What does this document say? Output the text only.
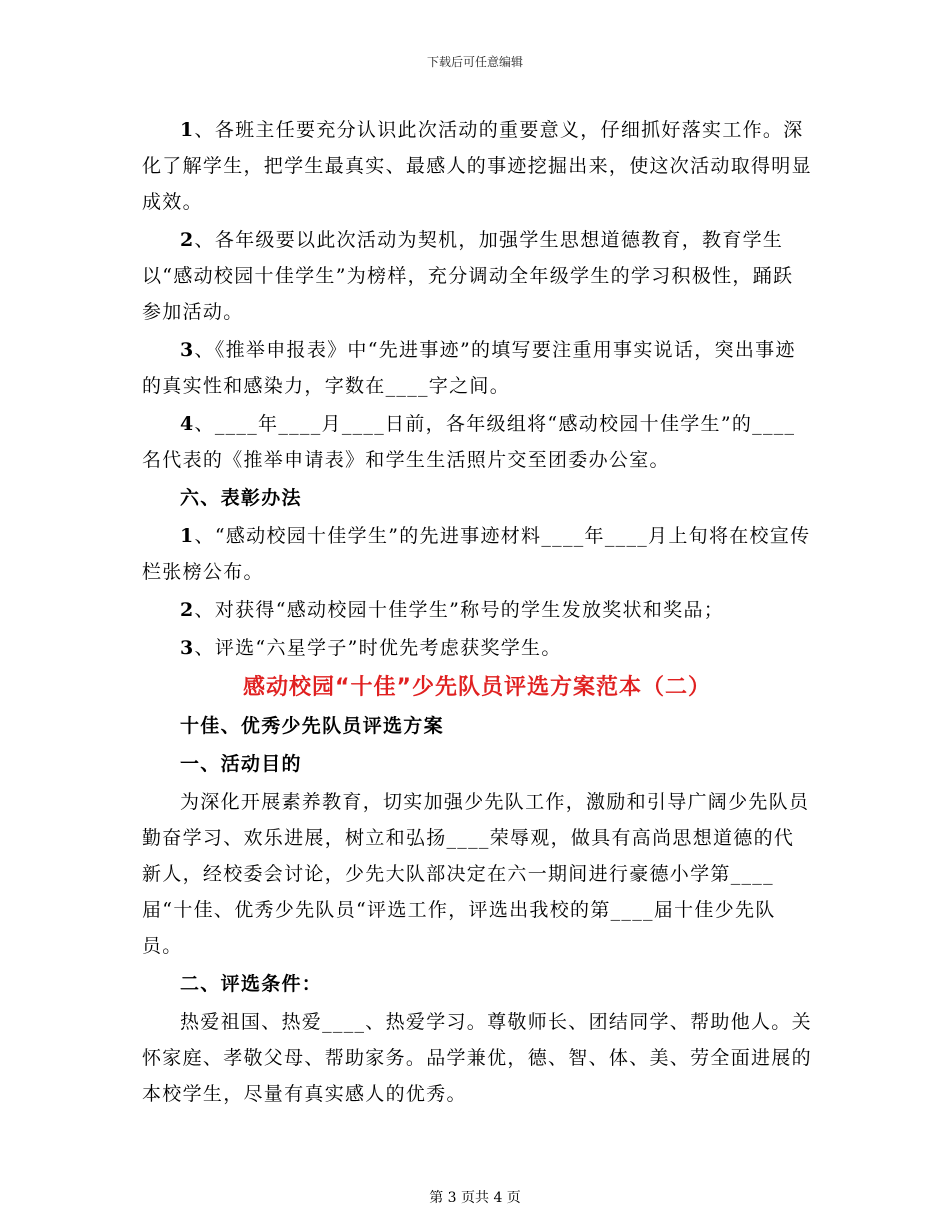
下载后可任意编辑

1、各班主任要充分认识此次活动的重要意义，仔细抓好落实工作。深化了解学生，把学生最真实、最感人的事迹挖掘出来，使这次活动取得明显成效。

2、各年级要以此次活动为契机，加强学生思想道德教育，教育学生以“感动校园十佳学生”为榜样，充分调动全年级学生的学习积极性，踊跃参加活动。

3、《推举申报表》中“先进事迹”的填写要注重用事实说话，突出事迹的真实性和感染力，字数在____字之间。

4、____年____月____日前，各年级组将“感动校园十佳学生”的____名代表的《推举申请表》和学生生活照片交至团委办公室。

六、表彰办法

1、“感动校园十佳学生”的先进事迹材料____年____月上旬将在校宣传栏张榜公布。

2、对获得“感动校园十佳学生”称号的学生发放奖状和奖品；

3、评选“六星学子”时优先考虑获奖学生。

感动校园“十佳”少先队员评选方案范本（二）

十佳、优秀少先队员评选方案

一、活动目的

为深化开展素养教育，切实加强少先队工作，激励和引导广阔少先队员勤奋学习、欢乐进展，树立和弘扬____荣辱观，做具有高尚思想道德的代新人，经校委会讨论，少先大队部决定在六一期间进行豪德小学第____届“十佳、优秀少先队员“评选工作，评选出我校的第____届十佳少先队员。

二、评选条件：

热爱祖国、热爱____、热爱学习。尊敬师长、团结同学、帮助他人。关怀家庭、孝敬父母、帮助家务。品学兼优，德、智、体、美、劳全面进展的本校学生，尽量有真实感人的优秀。

第 3 页共 4 页
